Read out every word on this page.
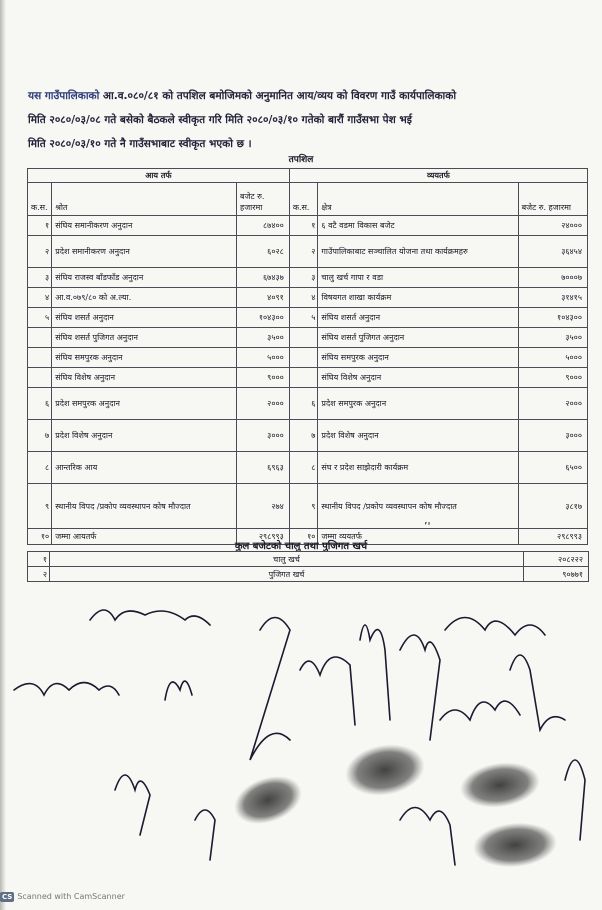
यस गाउँपालिकाको आ.व.०८०/८१ को तपशिल बमोजिमको अनुमानित आय/व्यय को विवरण गाउँ कार्यपालिकाको
मिति २०८०/०३/०८ गते बसेको बैठकले स्वीकृत गरि मिति २०८०/०३/१० गतेको बारौं गाउँसभा पेश भई
मिति २०८०/०३/१० गते नै गाउँसभाबाट स्वीकृत भएको छ ।
तपशिल
आय तर्फ			व्ययतर्फ		
क.स.	श्रोत	बजेट रु. हजारमा	क.स.	क्षेत्र	बजेट रु. हजारमा
१	संघिय समानीकरण अनुदान	८७४००	१	६ वटै वडमा विकास बजेट	२४०००
२	प्रदेश समानीकरण अनुदान	६०२८	२	गाउँपालिकाबाट सञ्चालित योजना तथा कार्यक्रमहरु	३६४५४
३	संघिय राजस्व बाँडफाँड अनुदान	६७४३७	३	चालु खर्च गापा र वडा	७०००७
४	आ.व.०७९/८० को अ.ल्या.	४०९१	४	विषयगत शाखा कार्यक्रम	३१४१५
५	संघिय शसर्त अनुदान	१०४३००	५	संघिय शसर्त अनुदान	१०४३००
	संघिय शसर्त पुजिगत अनुदान	३५००		संघिय शसर्त पुजिगत अनुदान	३५००
	संघिय समपुरक अनुदान	५०००		संघिय समपुरक अनुदान	५०००
	संघिय विशेष अनुदान	९०००		संघिय विशेष अनुदान	९०००
६	प्रदेश समपुरक अनुदान	२०००	६	प्रदेश समपुरक अनुदान	२०००
७	प्रदेश विशेष अनुदान	३०००	७	प्रदेश विशेष अनुदान	३०००
८	आन्तरिक आय	६९६३	८	संघ र प्रदेश साझेदारी कार्यक्रम	६५००
९	स्थानीय विपद /प्रकोप व्यवस्थापन कोष मौज्दात	२७४	९	स्थानीय विपद /प्रकोप व्यवस्थापन कोष मौज्दात	३८१७
१०	जम्मा आयतर्फ	२९८९९३	१०	जम्मा व्ययतर्फ	२९८९९३
ʼ'
कुल बजेटको चालु तथा पुजिगत खर्च
१	चालु खर्च	२०८२२२
२	पुजिगत खर्च	९०७७१
CS Scanned with CamScanner
